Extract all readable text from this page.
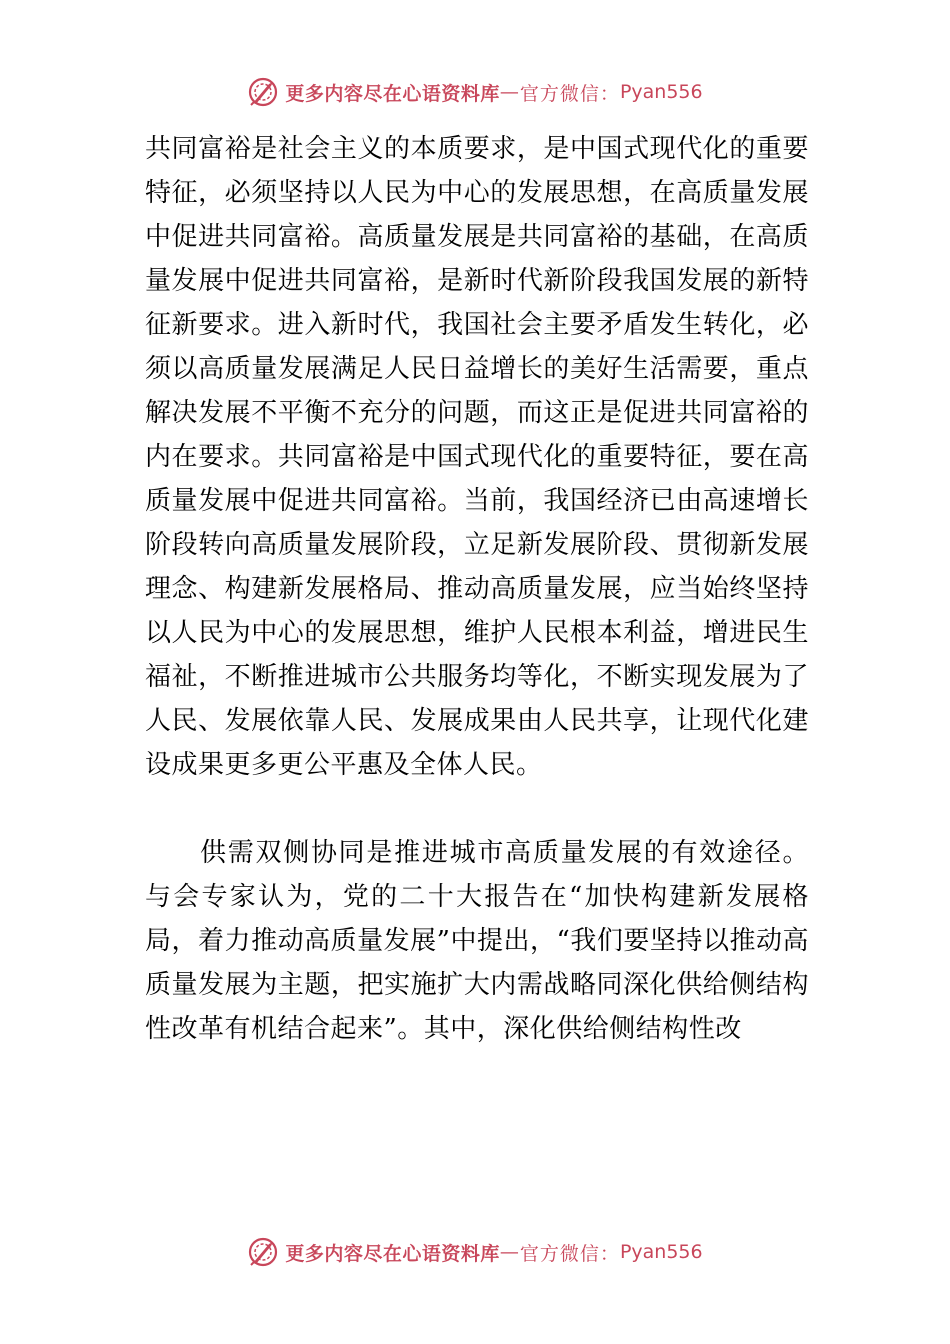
更多内容尽在心语资料库 — 官方微信： Pyan556

共同富裕是社会主义的本质要求，是中国式现代化的重要特征，必须坚持以人民为中心的发展思想，在高质量发展中促进共同富裕。高质量发展是共同富裕的基础，在高质量发展中促进共同富裕，是新时代新阶段我国发展的新特征新要求。进入新时代，我国社会主要矛盾发生转化，必须以高质量发展满足人民日益增长的美好生活需要，重点解决发展不平衡不充分的问题，而这正是促进共同富裕的内在要求。共同富裕是中国式现代化的重要特征，要在高质量发展中促进共同富裕。当前，我国经济已由高速增长阶段转向高质量发展阶段，立足新发展阶段、贯彻新发展理念、构建新发展格局、推动高质量发展，应当始终坚持以人民为中心的发展思想，维护人民根本利益，增进民生福祉，不断推进城市公共服务均等化，不断实现发展为了人民、发展依靠人民、发展成果由人民共享，让现代化建设成果更多更公平惠及全体人民。

供需双侧协同是推进城市高质量发展的有效途径。与会专家认为，党的二十大报告在“加快构建新发展格局，着力推动高质量发展”中提出，“我们要坚持以推动高质量发展为主题，把实施扩大内需战略同深化供给侧结构性改革有机结合起来”。其中，深化供给侧结构性改

更多内容尽在心语资料库 — 官方微信： Pyan556
